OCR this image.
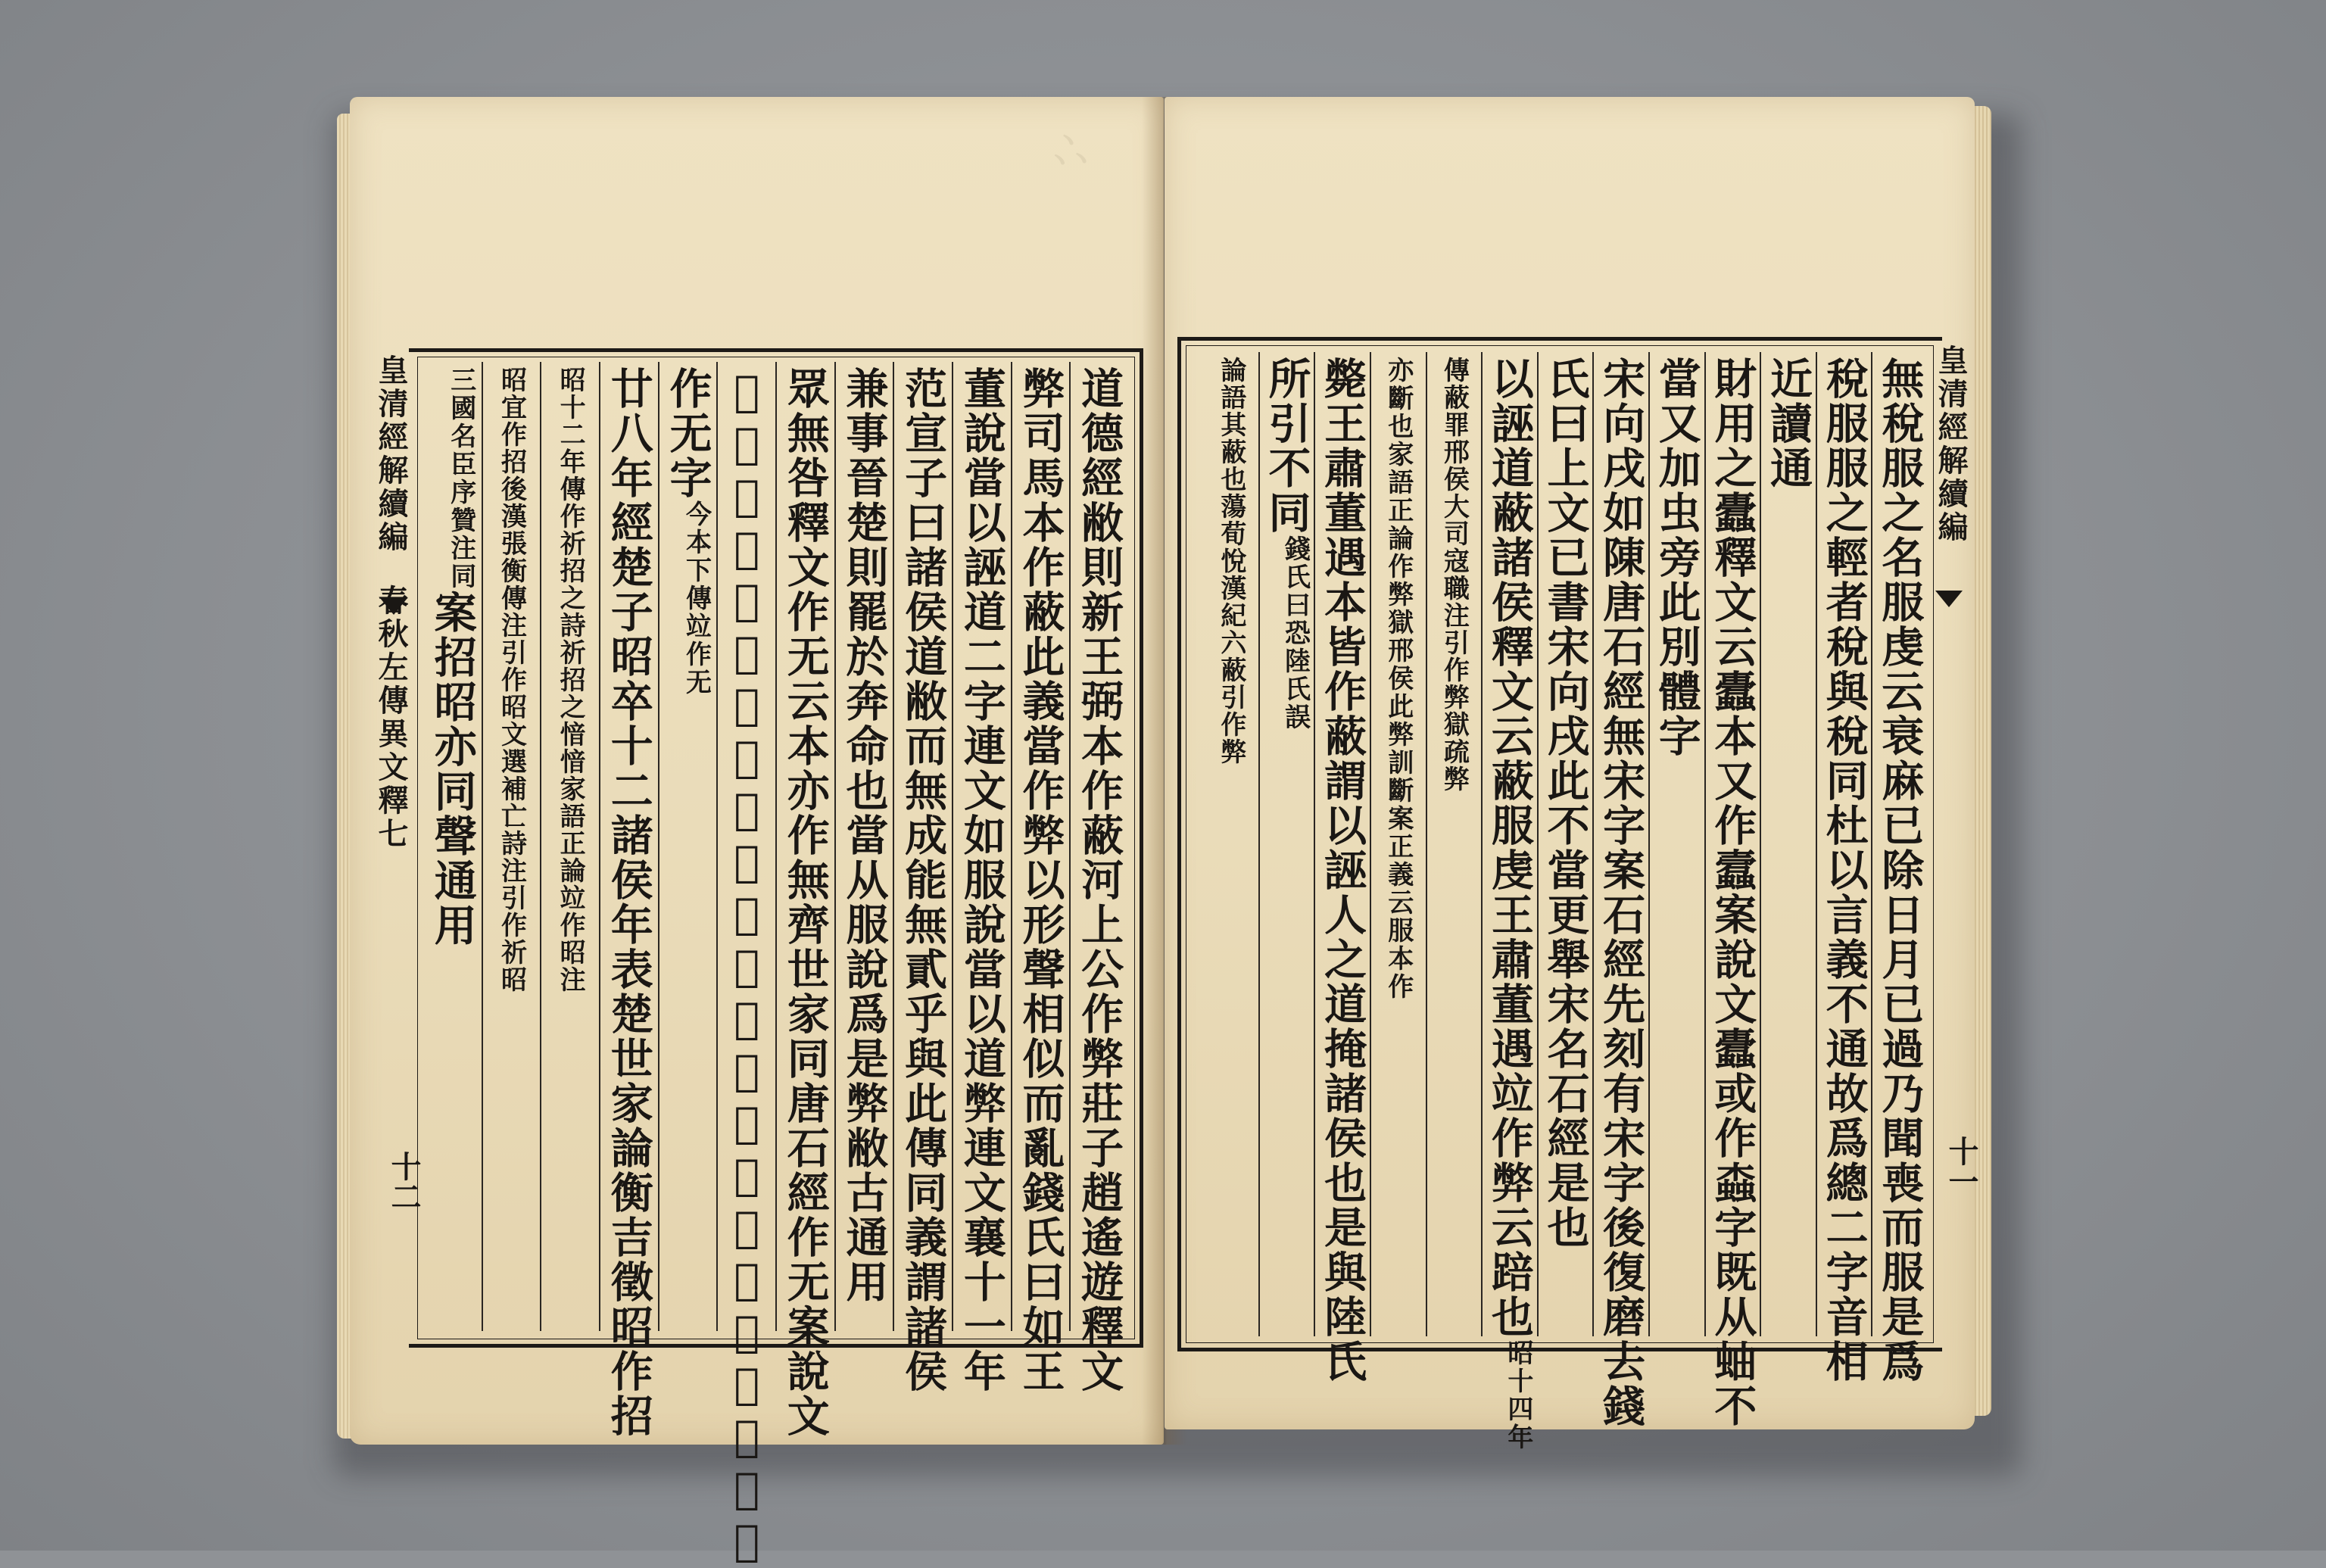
𠁼
皇清經解續編春秋左傳異文釋七
十二	道德經敝則新王弼本作蔽河上公作弊莊子趙遙遊釋文
弊司馬本作蔽此義當作弊以形聲相似而亂錢氏曰如王
董說當以誣道二字連文如服說當以道弊連文襄十一年
范宣子曰諸侯道敝而無成能無貳乎與此傳同義謂諸侯
兼事晉楚則罷於奔命也當从服說爲是弊敝古通用
眾無咎釋文作无云本亦作無齊世家同唐石經作无案說文
𣠮奇字作无云無通於无者虛無道也今作無隸變體易皆
作无字
今本下傳竝作无
廿八年經楚子昭卒十二諸侯年表楚世家論衡吉徵昭作招
昭十二年傳作祈招之詩祈招之愔愔家語正論竝作昭注
昭宜作招後漢張衡傳注引作昭文選補亡詩注引作祈昭
三國名臣序贊注同
案招昭亦同聲通用
皇清經解續編
十一
無稅服之名服虔云衰麻已除日月已過乃聞喪而服是爲
稅服服之輕者稅與稅同杜以言義不通故爲總二字音相
近讀通
財用之蠹釋文云蠹本又作蠧案說文蠹或作螙字既从蚰不
當又加虫旁此別體字
宋向戌如陳唐石經無宋字案石經先刻有宋字後復磨去錢
氏曰上文已書宋向戌此不當更舉宋名石經是也
以誣道蔽諸侯釋文云蔽服虔王肅董遇竝作弊云踣也
昭十四年
傳蔽罪邢侯大司寇職注引作弊獄疏弊
亦斷也家語正論作弊獄邢侯此弊訓斷
案正義云服本作
斃王肅董遇本皆作蔽謂以誣人之道掩諸侯也是與陸氏
所引不同
錢氏曰恐陸氏誤
論語其蔽也蕩荀悅漢紀六蔽引作弊
